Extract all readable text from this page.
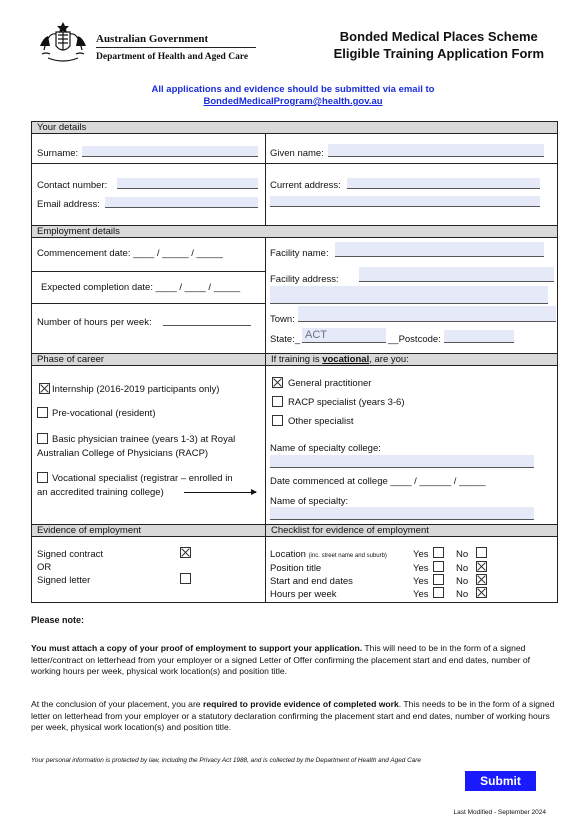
Australian Government
Department of Health and Aged Care
Bonded Medical Places Scheme
Eligible Training Application Form
All applications and evidence should be submitted via email to
BondedMedicalProgram@health.gov.au
Your details
Surname:	Given name:
Contact number:
Email address:
Current address:
Employment details
Commencement date: ____ / _____ / _____
Expected completion date: ____ / ____ / _____
Number of hours per week:
Facility name:
Facility address:
Town:
State:_ ACT	__Postcode:
Phase of career	If training is vocational, are you:
Internship (2016-2019 participants only)
Pre-vocational (resident)
Basic physician trainee (years 1-3) at Royal
Australian College of Physicians (RACP)
Vocational specialist (registrar – enrolled in
an accredited training college)
General practitioner
RACP specialist (years 3-6)
Other specialist
Name of specialty college:
Date commenced at college ____ / ______ / _____
Name of specialty:
Evidence of employment	Checklist for evidence of employment
Signed contract
OR
Signed letter
Location (inc. street name and suburb)	Yes	No
Position title	Yes	No
Start and end dates	Yes	No
Hours per week	Yes	No
Please note:
You must attach a copy of your proof of employment to support your application. This will need to be in the form of a signed letter/contract on letterhead from your employer or a signed Letter of Offer confirming the placement start and end dates, number of working hours per week, physical work location(s) and position title.
At the conclusion of your placement, you are required to provide evidence of completed work. This needs to be in the form of a signed letter on letterhead from your employer or a statutory declaration confirming the placement start and end dates, number of working hours per week, physical work location(s) and position title.
Your personal information is protected by law, including the Privacy Act 1988, and is collected by the Department of Health and Aged Care
Submit
Last Modified - September 2024
